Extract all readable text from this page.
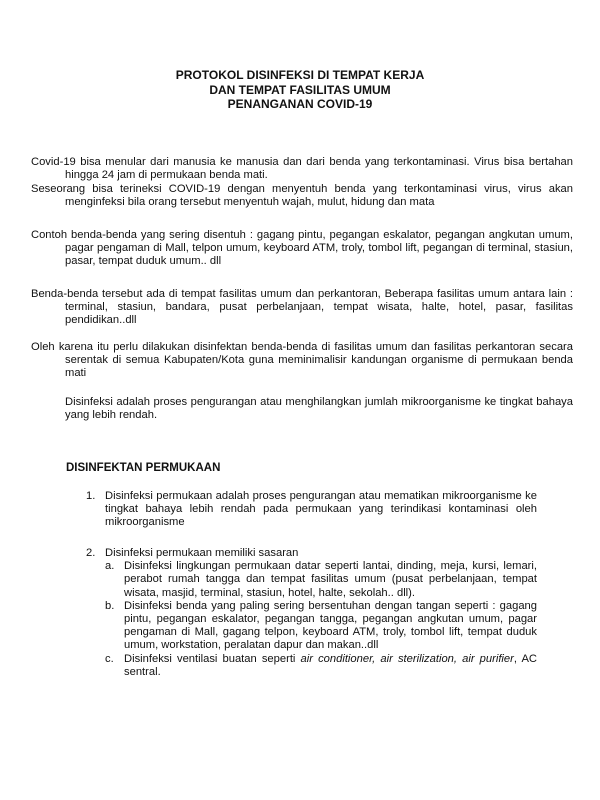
PROTOKOL DISINFEKSI DI TEMPAT KERJA
DAN TEMPAT FASILITAS UMUM
PENANGANAN COVID-19
Covid-19 bisa menular dari manusia ke manusia dan dari benda yang terkontaminasi. Virus bisa bertahan hingga 24 jam di permukaan benda mati.
Seseorang bisa terineksi COVID-19 dengan menyentuh benda yang terkontaminasi virus, virus akan menginfeksi bila orang tersebut menyentuh wajah, mulut, hidung dan mata
Contoh benda-benda yang sering disentuh : gagang pintu, pegangan eskalator, pegangan angkutan umum, pagar pengaman di Mall, telpon umum, keyboard ATM, troly, tombol lift, pegangan di terminal, stasiun, pasar, tempat duduk umum.. dll
Benda-benda tersebut ada di tempat fasilitas umum dan perkantoran, Beberapa fasilitas umum antara lain : terminal, stasiun, bandara, pusat perbelanjaan, tempat wisata, halte, hotel, pasar, fasilitas pendidikan..dll
Oleh karena itu perlu dilakukan disinfektan benda-benda di fasilitas umum dan fasilitas perkantoran secara serentak di semua Kabupaten/Kota guna meminimalisir kandungan organisme di permukaan benda mati
Disinfeksi adalah proses pengurangan atau menghilangkan jumlah mikroorganisme ke tingkat bahaya yang lebih rendah.
DISINFEKTAN PERMUKAAN
1. Disinfeksi permukaan adalah proses pengurangan atau mematikan mikroorganisme ke tingkat bahaya lebih rendah pada permukaan yang terindikasi kontaminasi oleh mikroorganisme
2. Disinfeksi permukaan memiliki sasaran
a. Disinfeksi lingkungan permukaan datar seperti lantai, dinding, meja, kursi, lemari, perabot rumah tangga dan tempat fasilitas umum (pusat perbelanjaan, tempat wisata, masjid, terminal, stasiun, hotel, halte, sekolah.. dll).
b. Disinfeksi benda yang paling sering bersentuhan dengan tangan seperti : gagang pintu, pegangan eskalator, pegangan tangga, pegangan angkutan umum, pagar pengaman di Mall, gagang telpon, keyboard ATM, troly, tombol lift, tempat duduk umum, workstation, peralatan dapur dan makan..dll
c. Disinfeksi ventilasi buatan seperti air conditioner, air sterilization, air purifier, AC sentral.
